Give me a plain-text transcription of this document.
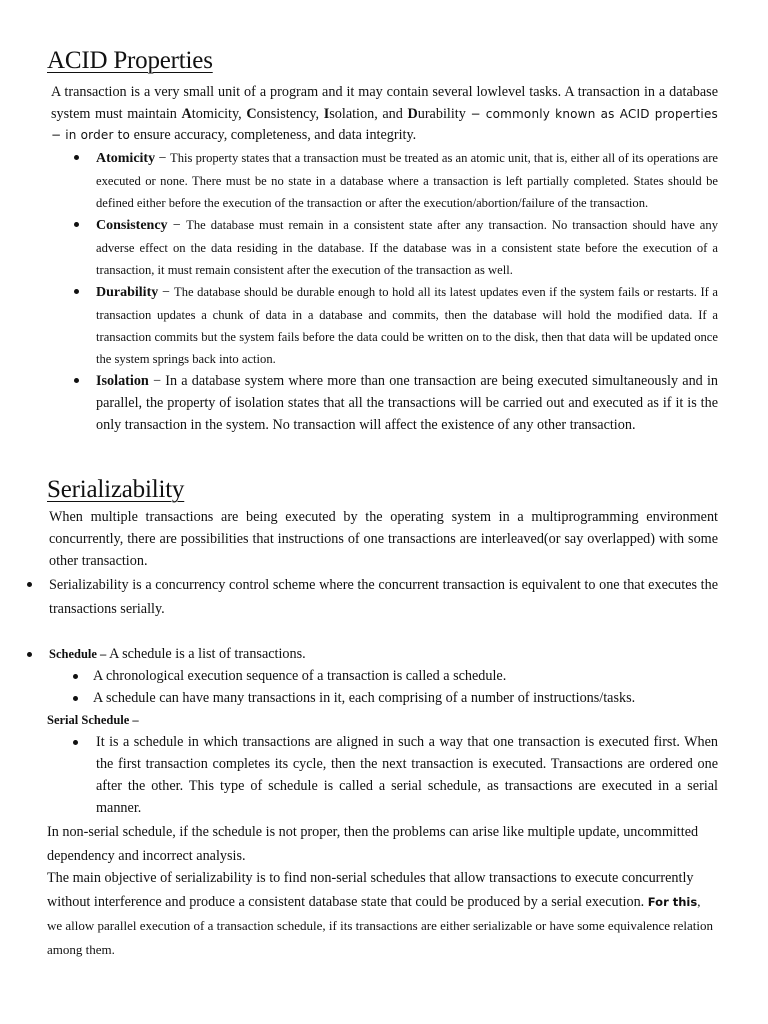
ACID Properties

A transaction is a very small unit of a program and it may contain several lowlevel tasks. A transaction in a database system must maintain Atomicity, Consistency, Isolation, and Durability − commonly known as ACID properties − in order to ensure accuracy, completeness, and data integrity.

Atomicity − This property states that a transaction must be treated as an atomic unit, that is, either all of its operations are executed or none. There must be no state in a database where a transaction is left partially completed. States should be defined either before the execution of the transaction or after the execution/abortion/failure of the transaction.
Consistency − The database must remain in a consistent state after any transaction. No transaction should have any adverse effect on the data residing in the database. If the database was in a consistent state before the execution of a transaction, it must remain consistent after the execution of the transaction as well.
Durability − The database should be durable enough to hold all its latest updates even if the system fails or restarts. If a transaction updates a chunk of data in a database and commits, then the database will hold the modified data. If a transaction commits but the system fails before the data could be written on to the disk, then that data will be updated once the system springs back into action.
Isolation − In a database system where more than one transaction are being executed simultaneously and in parallel, the property of isolation states that all the transactions will be carried out and executed as if it is the only transaction in the system. No transaction will affect the existence of any other transaction.
Serializability

When multiple transactions are being executed by the operating system in a multiprogramming environment concurrently, there are possibilities that instructions of one transactions are interleaved(or say overlapped) with some other transaction.

Serializability is a concurrency control scheme where the concurrent transaction is equivalent to one that executes the transactions serially.
Schedule – A schedule is a list of transactions.
A chronological execution sequence of a transaction is called a schedule.
A schedule can have many transactions in it, each comprising of a number of instructions/tasks.
Serial Schedule –
It is a schedule in which transactions are aligned in such a way that one transaction is executed first. When the first transaction completes its cycle, then the next transaction is executed. Transactions are ordered one after the other. This type of schedule is called a serial schedule, as transactions are executed in a serial manner.

In non-serial schedule, if the schedule is not proper, then the problems can arise like multiple update, uncommitted dependency and incorrect analysis.

The main objective of serializability is to find non-serial schedules that allow transactions to execute concurrently without interference and produce a consistent database state that could be produced by a serial execution. For this, we allow parallel execution of a transaction schedule, if its transactions are either serializable or have some equivalence relation among them.
